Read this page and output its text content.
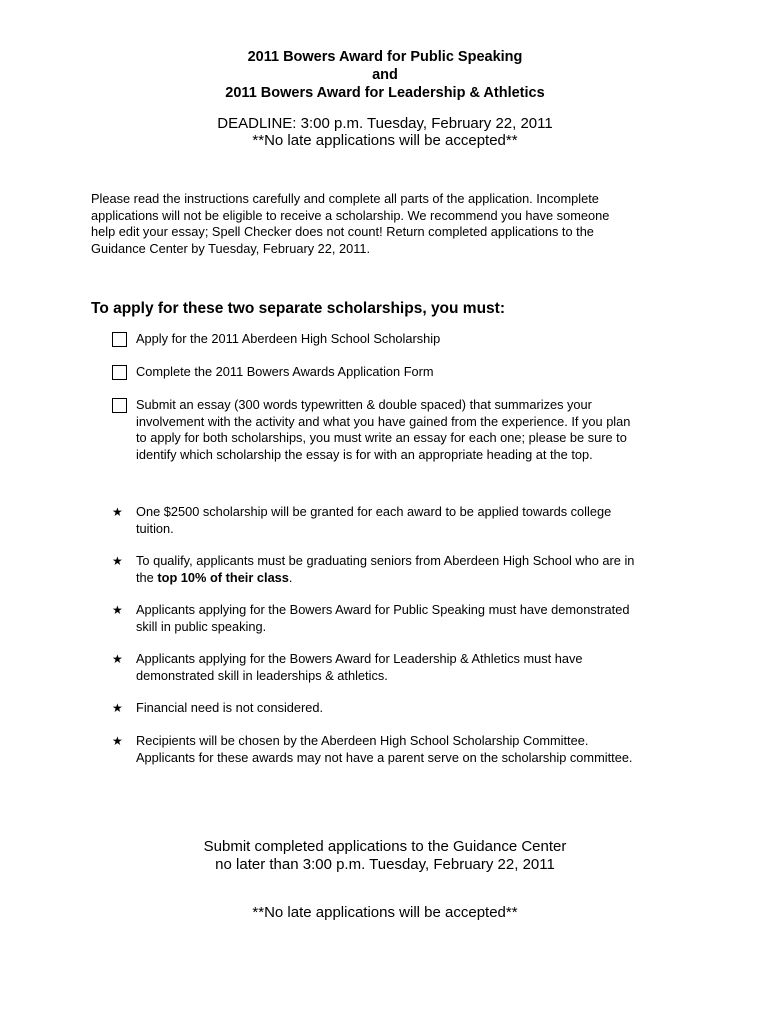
2011 Bowers Award for Public Speaking
and
2011 Bowers Award for Leadership & Athletics
DEADLINE: 3:00 p.m. Tuesday, February 22, 2011
**No late applications will be accepted**
Please read the instructions carefully and complete all parts of the application. Incomplete
applications will not be eligible to receive a scholarship. We recommend you have someone
help edit your essay; Spell Checker does not count! Return completed applications to the
Guidance Center by Tuesday, February 22, 2011.
To apply for these two separate scholarships, you must:
Apply for the 2011 Aberdeen High School Scholarship
Complete the 2011 Bowers Awards Application Form
Submit an essay (300 words typewritten & double spaced) that summarizes your
involvement with the activity and what you have gained from the experience. If you plan
to apply for both scholarships, you must write an essay for each one; please be sure to
identify which scholarship the essay is for with an appropriate heading at the top.
★ One $2500 scholarship will be granted for each award to be applied towards college
tuition.
★ To qualify, applicants must be graduating seniors from Aberdeen High School who are in
the top 10% of their class.
★ Applicants applying for the Bowers Award for Public Speaking must have demonstrated
skill in public speaking.
★ Applicants applying for the Bowers Award for Leadership & Athletics must have
demonstrated skill in leaderships & athletics.
★ Financial need is not considered.
★ Recipients will be chosen by the Aberdeen High School Scholarship Committee.
Applicants for these awards may not have a parent serve on the scholarship committee.
Submit completed applications to the Guidance Center
no later than 3:00 p.m. Tuesday, February 22, 2011
**No late applications will be accepted**
